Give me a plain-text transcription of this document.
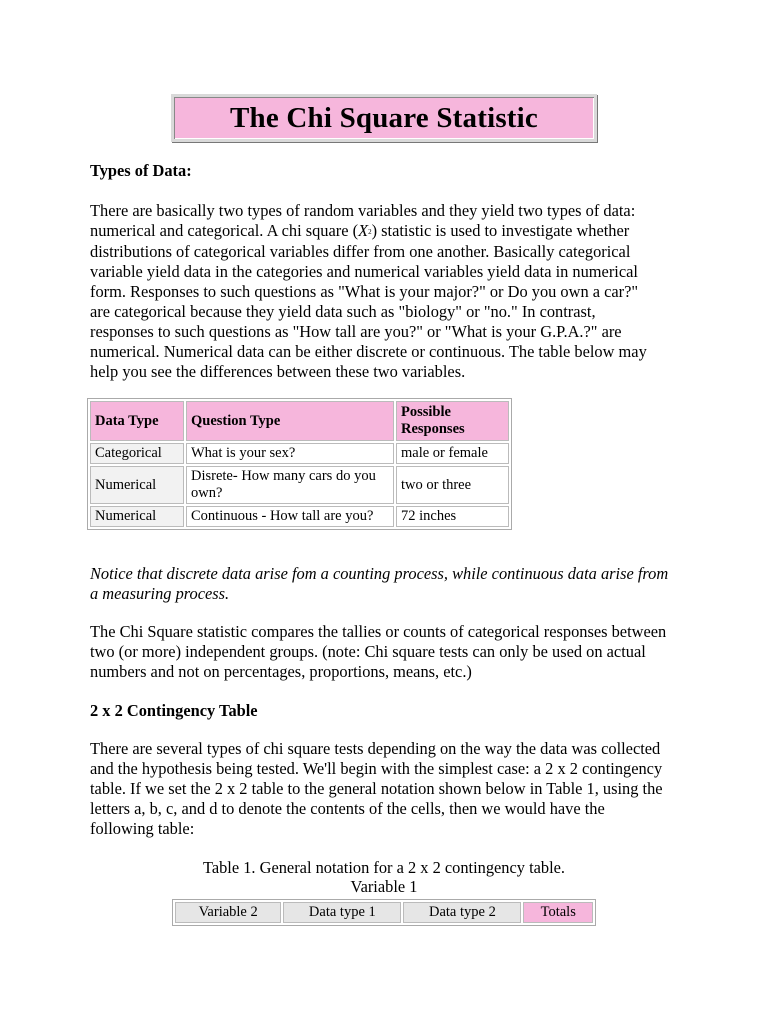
The Chi Square Statistic

Types of Data:

There are basically two types of random variables and they yield two types of data:
numerical and categorical. A chi square $(X^2)$ statistic is used to investigate whether
distributions of categorical variables differ from one another. Basically categorical
variable yield data in the categories and numerical variables yield data in numerical
form. Responses to such questions as "What is your major?" or Do you own a car?"
are categorical because they yield data such as "biology" or "no." In contrast,
responses to such questions as "How tall are you?" or "What is your G.P.A.?" are
numerical. Numerical data can be either discrete or continuous. The table below may
help you see the differences between these two variables.
Data Type	Question Type	Possible Responses
Categorical	What is your sex?	male or female
Numerical	Disrete- How many cars do you own?	two or three
Numerical	Continuous - How tall are you?	72 inches

Notice that discrete data arise fom a counting process, while continuous data arise from a measuring process.

The Chi Square statistic compares the tallies or counts of categorical responses between two (or more) independent groups. (note: Chi square tests can only be used on actual numbers and not on percentages, proportions, means, etc.)

2 x 2 Contingency Table

There are several types of chi square tests depending on the way the data was collected and the hypothesis being tested. We'll begin with the simplest case: a 2 x 2 contingency table. If we set the 2 x 2 table to the general notation shown below in Table 1, using the letters a, b, c, and d to denote the contents of the cells, then we would have the following table:

Table 1. General notation for a 2 x 2 contingency table.
Variable 1
Variable 2	Data type 1	Data type 2	Totals
